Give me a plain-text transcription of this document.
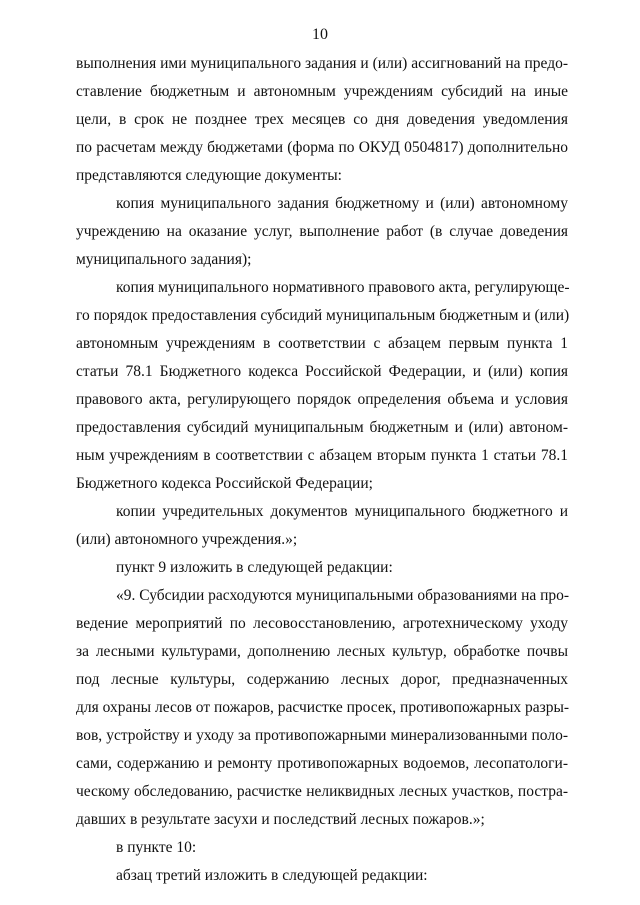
10
выполнения ими муниципального задания и (или) ассигнований на предо-
ставление бюджетным и автономным учреждениям субсидий на иные
цели, в срок не позднее трех месяцев со дня доведения уведомления
по расчетам между бюджетами (форма по ОКУД 0504817) дополнительно
представляются следующие документы:
копия муниципального задания бюджетному и (или) автономному
учреждению на оказание услуг, выполнение работ (в случае доведения
муниципального задания);
копия муниципального нормативного правового акта, регулирующе-
го порядок предоставления субсидий муниципальным бюджетным и (или)
автономным учреждениям в соответствии с абзацем первым пункта 1
статьи 78.1 Бюджетного кодекса Российской Федерации, и (или) копия
правового акта, регулирующего порядок определения объема и условия
предоставления субсидий муниципальным бюджетным и (или) автоном-
ным учреждениям в соответствии с абзацем вторым пункта 1 статьи 78.1
Бюджетного кодекса Российской Федерации;
копии учредительных документов муниципального бюджетного и
(или) автономного учреждения.»;
пункт 9 изложить в следующей редакции:
«9. Субсидии расходуются муниципальными образованиями на про-
ведение мероприятий по лесовосстановлению, агротехническому уходу
за лесными культурами, дополнению лесных культур, обработке почвы
под лесные культуры, содержанию лесных дорог, предназначенных
для охраны лесов от пожаров, расчистке просек, противопожарных разры-
вов, устройству и уходу за противопожарными минерализованными поло-
сами, содержанию и ремонту противопожарных водоемов, лесопатологи-
ческому обследованию, расчистке неликвидных лесных участков, постра-
давших в результате засухи и последствий лесных пожаров.»;
в пункте 10:
абзац третий изложить в следующей редакции:
